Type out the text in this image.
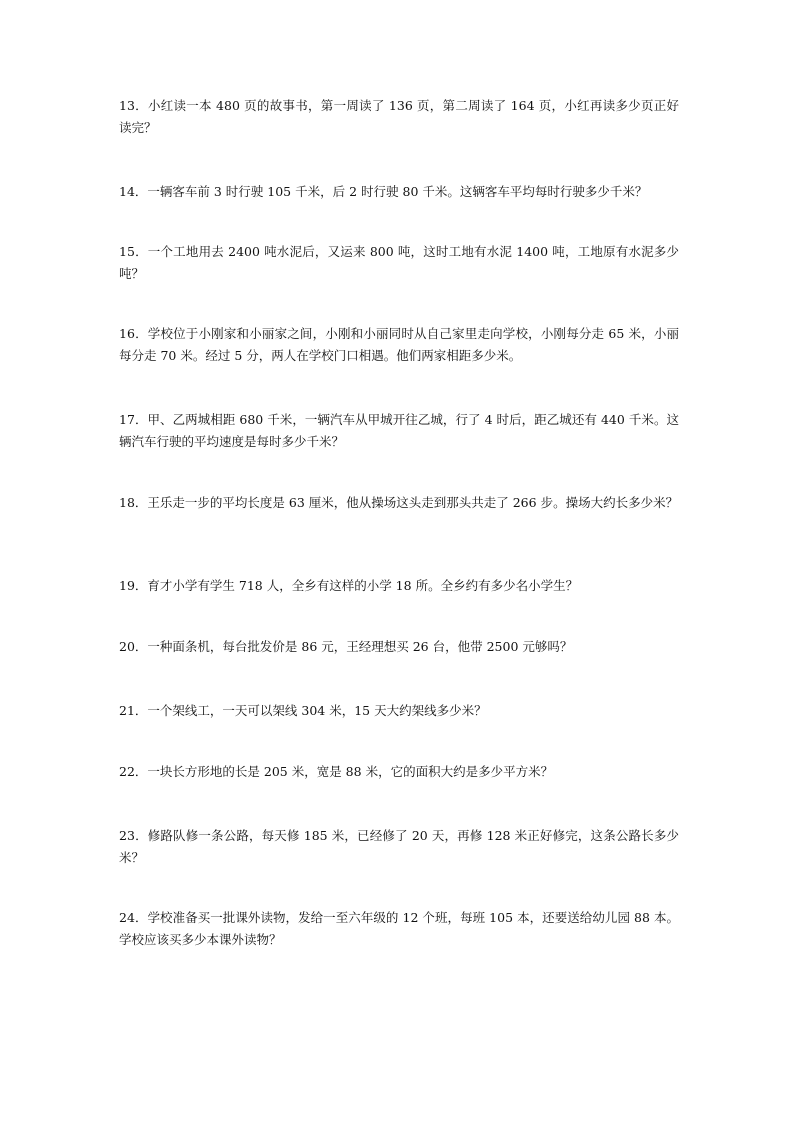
13．小红读一本 480 页的故事书，第一周读了 136 页，第二周读了 164 页，小红再读多少页正好读完？

14．一辆客车前 3 时行驶 105 千米，后 2 时行驶 80 千米。这辆客车平均每时行驶多少千米？

15．一个工地用去 2400 吨水泥后，又运来 800 吨，这时工地有水泥 1400 吨，工地原有水泥多少吨？

16．学校位于小刚家和小丽家之间，小刚和小丽同时从自己家里走向学校，小刚每分走 65 米，小丽每分走 70 米。经过 5 分，两人在学校门口相遇。他们两家相距多少米。

17．甲、乙两城相距 680 千米，一辆汽车从甲城开往乙城，行了 4 时后，距乙城还有 440 千米。这辆汽车行驶的平均速度是每时多少千米？

18．王乐走一步的平均长度是 63 厘米，他从操场这头走到那头共走了 266 步。操场大约长多少米？

19．育才小学有学生 718 人，全乡有这样的小学 18 所。全乡约有多少名小学生？

20．一种面条机，每台批发价是 86 元，王经理想买 26 台，他带 2500 元够吗？

21．一个架线工，一天可以架线 304 米，15 天大约架线多少米？

22．一块长方形地的长是 205 米，宽是 88 米，它的面积大约是多少平方米？

23．修路队修一条公路，每天修 185 米，已经修了 20 天，再修 128 米正好修完，这条公路长多少米？

24．学校准备买一批课外读物，发给一至六年级的 12 个班，每班 105 本，还要送给幼儿园 88 本。学校应该买多少本课外读物？
